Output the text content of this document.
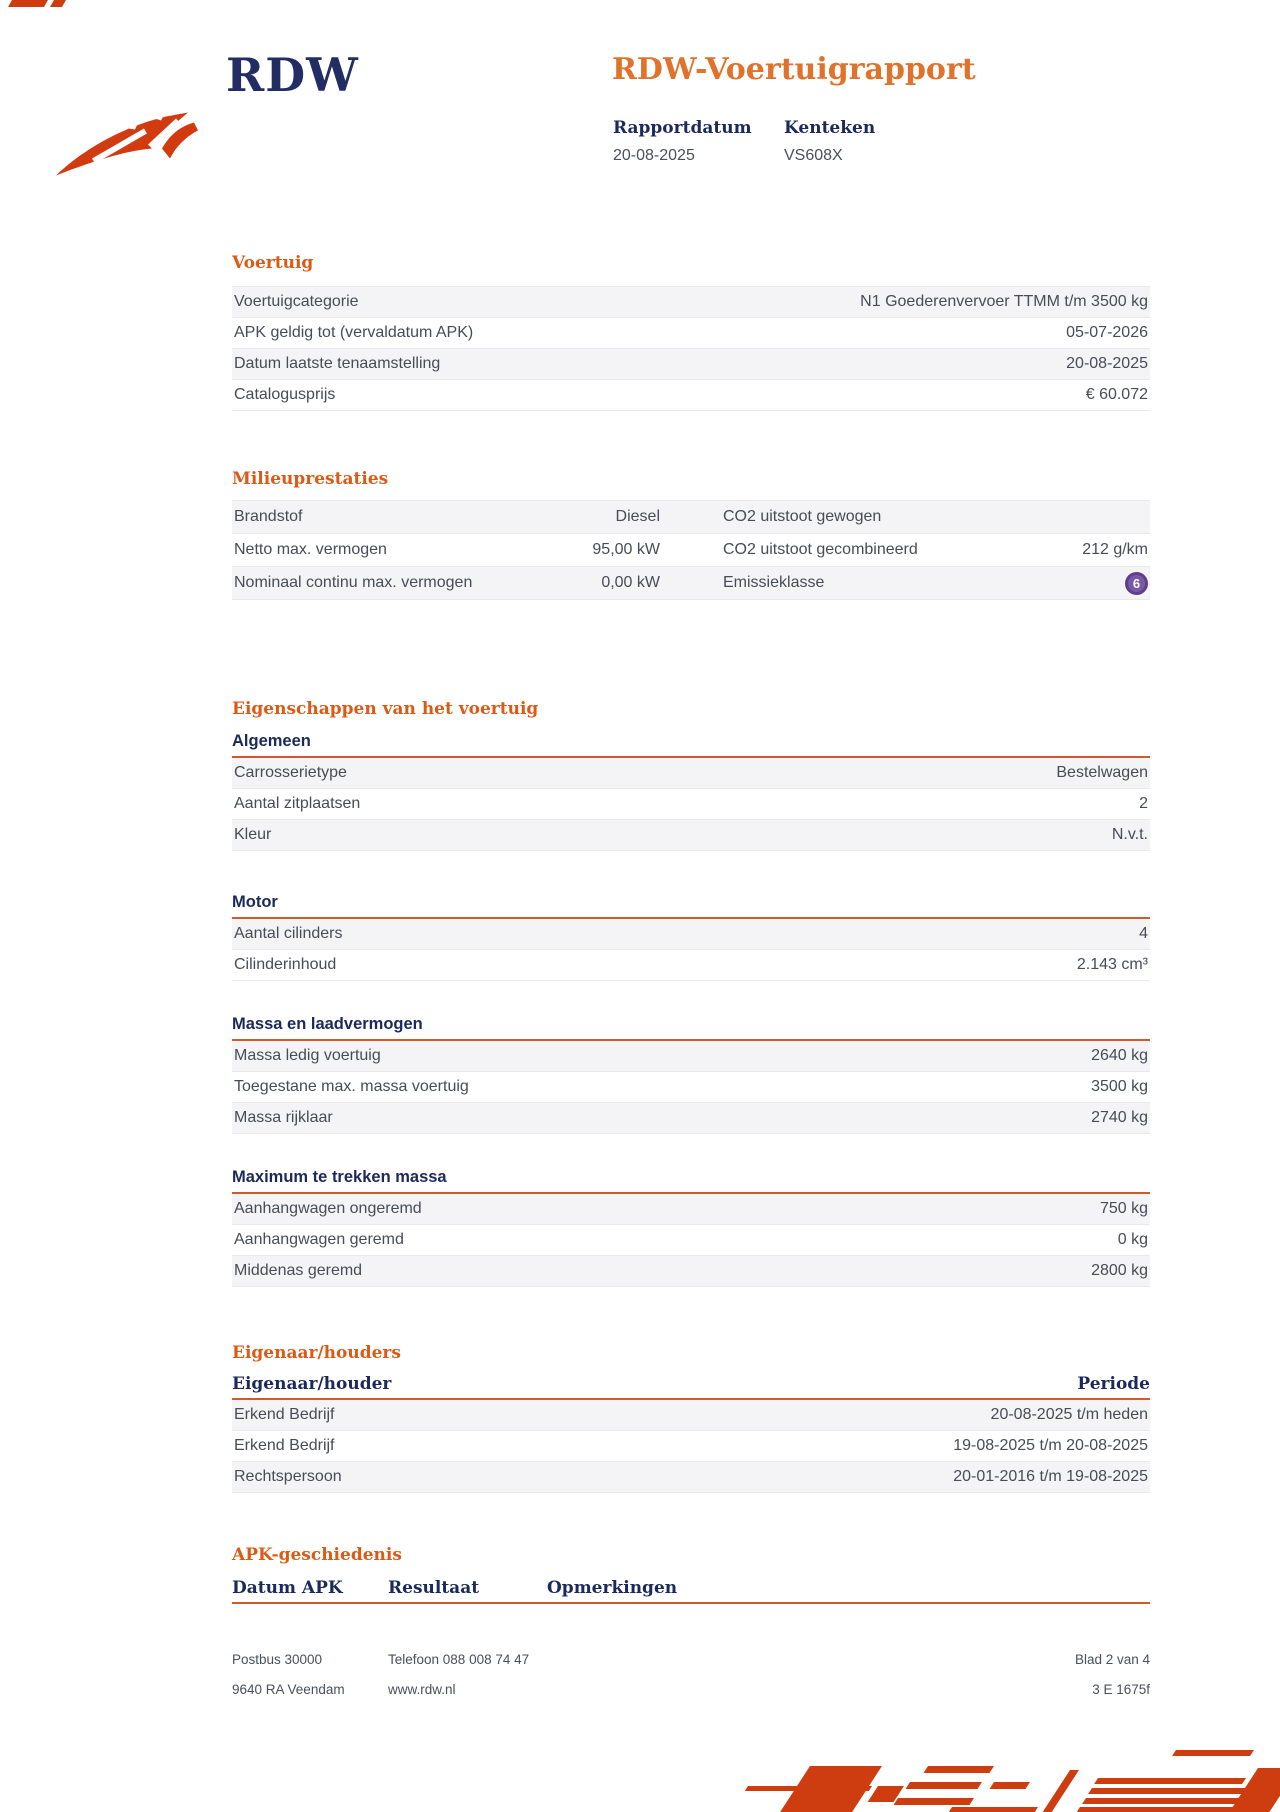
RDW	RDW-Voertuigrapport
Rapportdatum Kenteken
20-08-2025	VS608X
Voertuig
Voertuigcategorie	N1 Goederenvervoer TTMM t/m 3500 kg
APK geldig tot (vervaldatum APK)	05-07-2026
Datum laatste tenaamstelling	20-08-2025
Catalogusprijs	€ 60.072
Milieuprestaties
Brandstof	Diesel	CO2 uitstoot gewogen
Netto max. vermogen	95,00 kW	CO2 uitstoot gecombineerd	212 g/km
Nominaal continu max. vermogen	0,00 kW	Emissieklasse	6
Eigenschappen van het voertuig
Algemeen
Carrosserietype	Bestelwagen
Aantal zitplaatsen	2
Kleur	N.v.t.
Motor
Aantal cilinders	4
Cilinderinhoud	2.143 cm³
Massa en laadvermogen
Massa ledig voertuig	2640 kg
Toegestane max. massa voertuig	3500 kg
Massa rijklaar	2740 kg
Maximum te trekken massa
Aanhangwagen ongeremd	750 kg
Aanhangwagen geremd	0 kg
Middenas geremd	2800 kg
Eigenaar/houders
Eigenaar/houder	Periode
Erkend Bedrijf	20-08-2025 t/m heden
Erkend Bedrijf	19-08-2025 t/m 20-08-2025
Rechtspersoon	20-01-2016 t/m 19-08-2025
APK-geschiedenis
Datum APK	Resultaat	Opmerkingen
Postbus 30000	Telefoon 088 008 74 47	Blad 2 van 4
9640 RA Veendam	www.rdw.nl	3 E 1675f
